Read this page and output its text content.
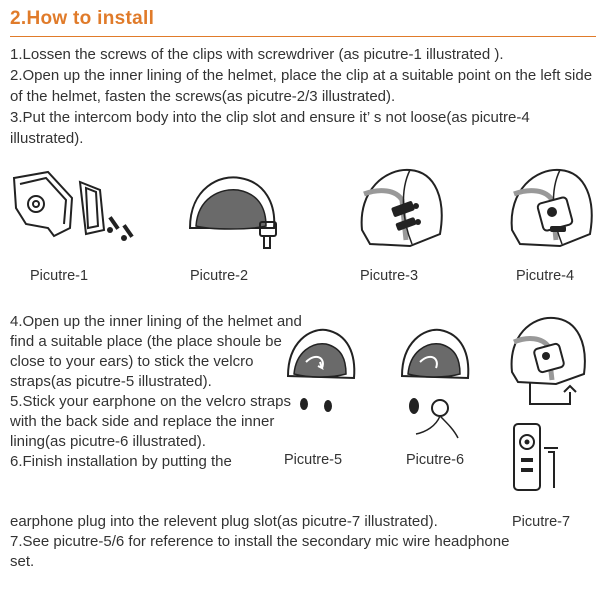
2.How to install

1.Lossen the screws of the clips with screwdriver (as picutre-1 illustrated ).

2.Open up the inner lining of the helmet, place the clip at a suitable point on the left side of the helmet, fasten the screws(as picutre-2/3 illustrated).

3.Put the intercom body into the clip slot and ensure it’ s not loose(as picutre-4 illustrated).

Picutre-1	Picutre-2	Picutre-3	Picutre-4

4.Open up the inner lining of the helmet and find a suitable place (the place shoule be close to your ears) to stick the velcro straps(as picutre-5 illustrated).

5.Stick your earphone on the velcro straps with the back side and replace the inner lining(as picutre-6 illustrated).

6.Finish installation by putting the	Picutre-5	Picutre-6
Picutre-7

earphone plug into the relevent plug slot(as picutre-7 illustrated).

7.See picutre-5/6 for reference to install the secondary mic wire headphone set.
